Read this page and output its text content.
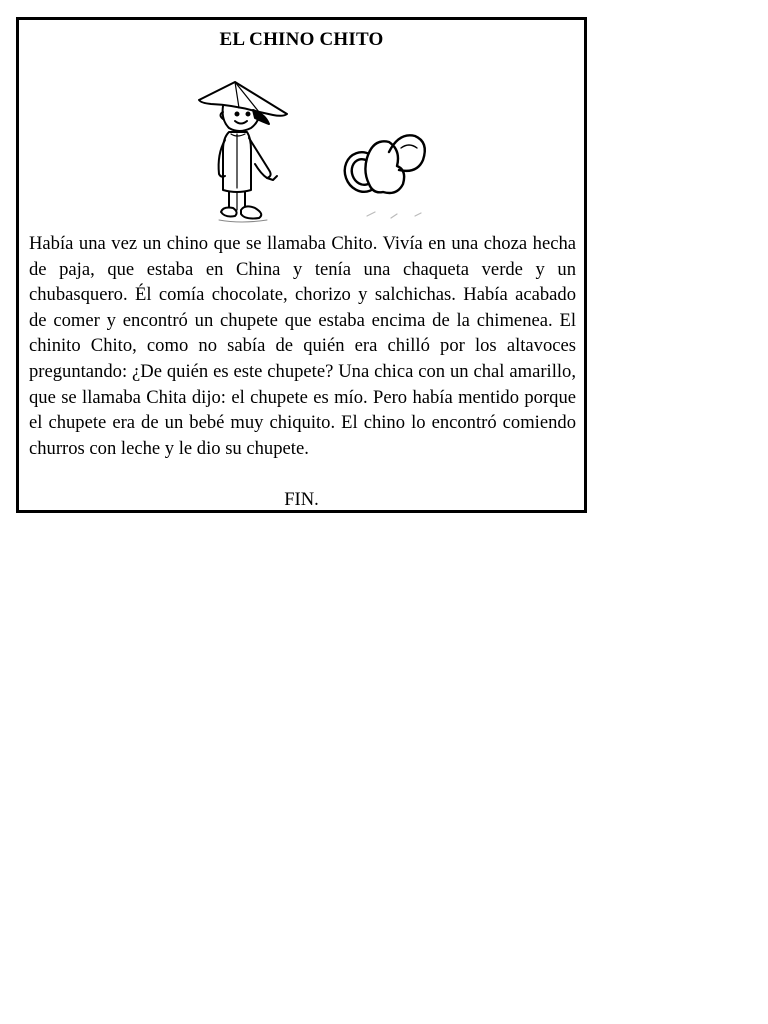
EL CHINO CHITO

Había una vez un chino que se llamaba Chito. Vivía en una choza hecha de paja, que estaba en China y tenía una chaqueta verde y un chubasquero. Él comía chocolate, chorizo y salchichas. Había acabado de comer y encontró un chupete que estaba encima de la chimenea. El chinito Chito, como no sabía de quién era chilló por los altavoces preguntando: ¿De quién es este chupete? Una chica con un chal amarillo, que se llamaba Chita dijo: el chupete es mío. Pero había mentido porque el chupete era de un bebé muy chiquito. El chino lo encontró comiendo churros con leche y le dio su chupete.

FIN.
